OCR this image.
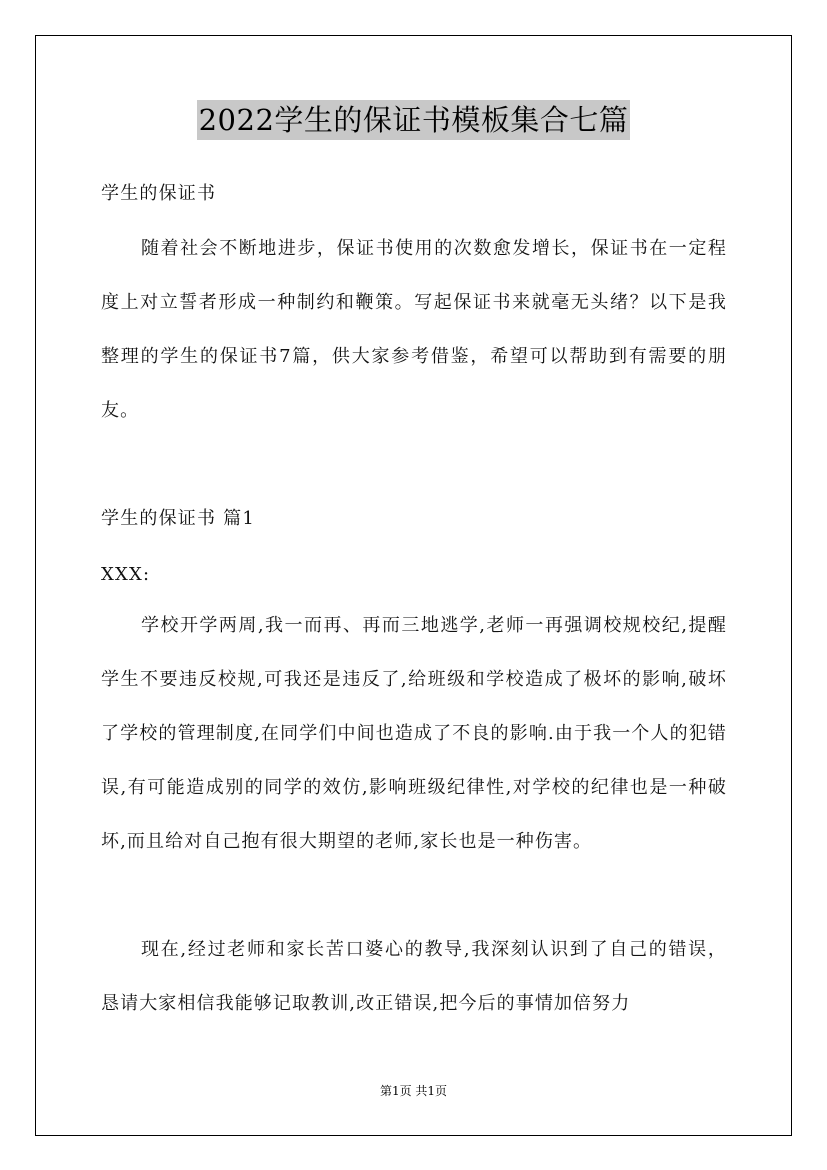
2022学生的保证书模板集合七篇
学生的保证书
随着社会不断地进步，保证书使用的次数愈发增长，保证书在一定程度上对立誓者形成一种制约和鞭策。写起保证书来就毫无头绪？以下是我整理的学生的保证书7篇，供大家参考借鉴，希望可以帮助到有需要的朋友。
学生的保证书 篇1
XXX:
学校开学两周,我一而再、再而三地逃学,老师一再强调校规校纪,提醒学生不要违反校规,可我还是违反了,给班级和学校造成了极坏的影响,破坏了学校的管理制度,在同学们中间也造成了不良的影响.由于我一个人的犯错误,有可能造成别的同学的效仿,影响班级纪律性,对学校的纪律也是一种破坏,而且给对自己抱有很大期望的老师,家长也是一种伤害。
现在,经过老师和家长苦口婆心的教导,我深刻认识到了自己的错误，恳请大家相信我能够记取教训,改正错误,把今后的事情加倍努力
第1页 共1页
